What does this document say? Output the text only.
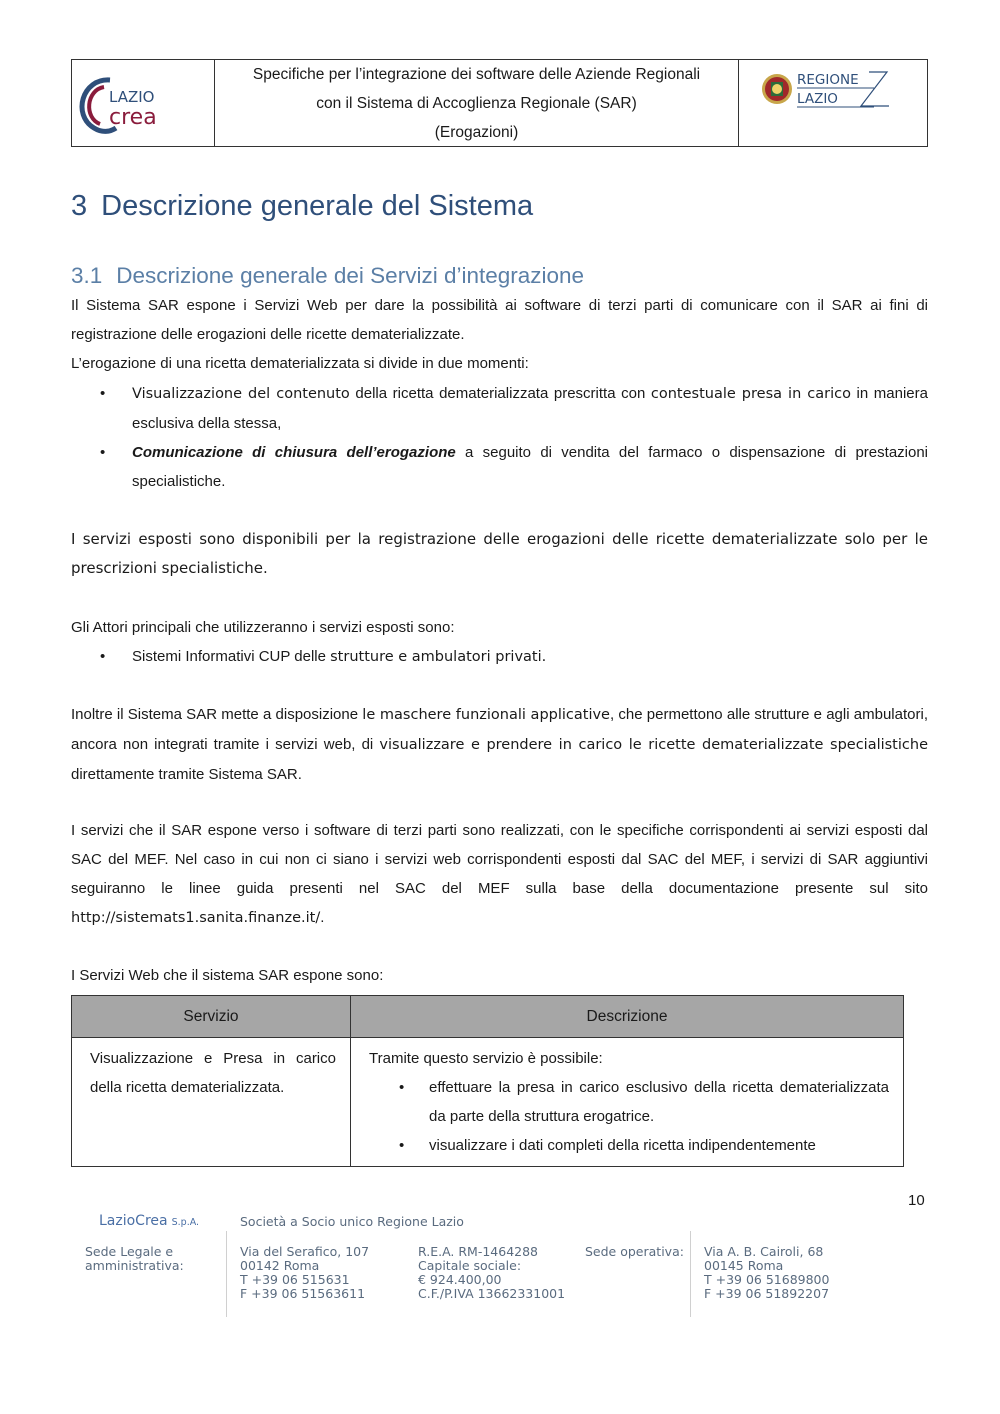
LAZIO
crea
Specifiche per l’integrazione dei software delle Aziende Regionali
con il Sistema di Accoglienza Regionale (SAR)
(Erogazioni)
REGIONE
LAZIO
3 Descrizione generale del Sistema
3.1 Descrizione generale dei Servizi d’integrazione
Il Sistema SAR espone i Servizi Web per dare la possibilità ai software di terzi parti di comunicare con il SAR ai fini di registrazione delle erogazioni delle ricette dematerializzate.
L’erogazione di una ricetta dematerializzata si divide in due momenti:
• Visualizzazione del contenuto della ricetta dematerializzata prescritta con contestuale presa in carico in maniera esclusiva della stessa,
• Comunicazione di chiusura dell’erogazione a seguito di vendita del farmaco o dispensazione di prestazioni specialistiche.
I servizi esposti sono disponibili per la registrazione delle erogazioni delle ricette dematerializzate solo per le prescrizioni specialistiche.
Gli Attori principali che utilizzeranno i servizi esposti sono:
• Sistemi Informativi CUP delle strutture e ambulatori privati.
Inoltre il Sistema SAR mette a disposizione le maschere funzionali applicative, che permettono alle strutture e agli ambulatori, ancora non integrati tramite i servizi web, di visualizzare e prendere in carico le ricette dematerializzate specialistiche direttamente tramite Sistema SAR.
I servizi che il SAR espone verso i software di terzi parti sono realizzati, con le specifiche corrispondenti ai servizi esposti dal SAC del MEF. Nel caso in cui non ci siano i servizi web corrispondenti esposti dal SAC del MEF, i servizi di SAR aggiuntivi seguiranno le linee guida presenti nel SAC del MEF sulla base della documentazione presente sul sito http://sistemats1.sanita.finanze.it/.
I Servizi Web che il sistema SAR espone sono:
Servizio	Descrizione

Visualizzazione e Presa in carico della ricetta dematerializzata.	Tramite questo servizio è possibile:
• effettuare la presa in carico esclusivo della ricetta dematerializzata da parte della struttura erogatrice.
• visualizzare i dati completi della ricetta indipendentemente
10
LazioCrea S.p.A.	Società a Socio unico Regione Lazio
Sede Legale e
amministrativa:
Via del Serafico, 107
00142 Roma
T +39 06 515631
F +39 06 51563611
R.E.A. RM-1464288
Capitale sociale:
€ 924.400,00
C.F./P.IVA 13662331001
Sede operativa: Via A. B. Cairoli, 68
00145 Roma
T +39 06 51689800
F +39 06 51892207
